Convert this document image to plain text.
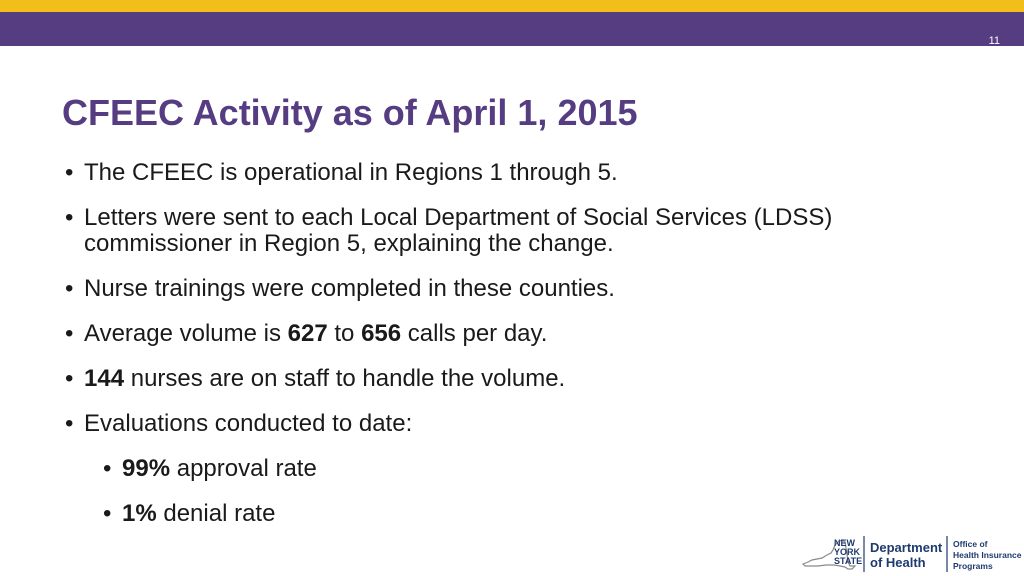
11
CFEEC Activity as of April 1, 2015
• The CFEEC is operational in Regions 1 through 5.
• Letters were sent to each Local Department of Social Services (LDSS) commissioner in Region 5, explaining the change.
• Nurse trainings were completed in these counties.
• Average volume is 627 to 656 calls per day.
• 144 nurses are on staff to handle the volume.
• Evaluations conducted to date:
• 99% approval rate
• 1% denial rate
NEW
YORK
STATE
Department
of Health
Office of
Health Insurance
Programs
